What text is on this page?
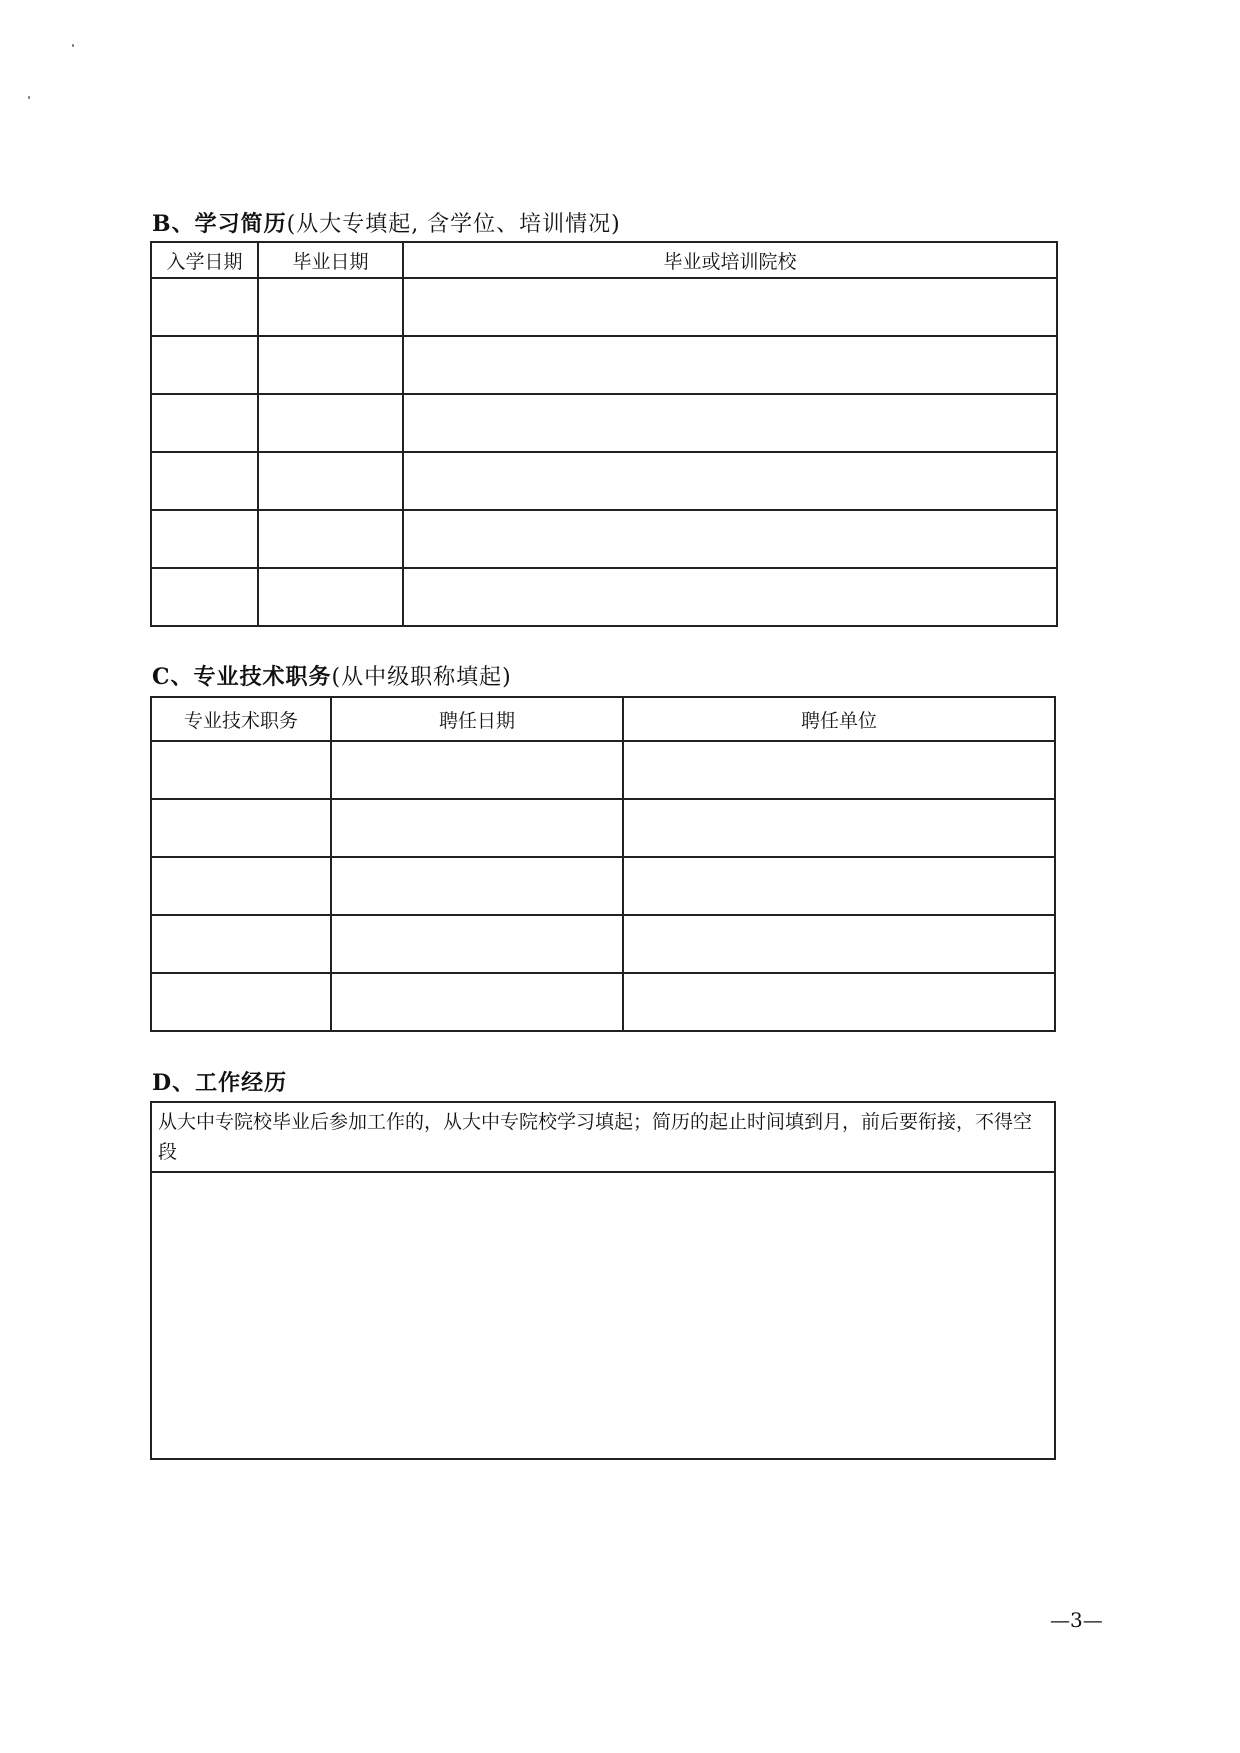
B、学习简历(从大专填起, 含学位、培训情况)
入学日期	毕业日期	毕业或培训院校

C、专业技术职务(从中级职称填起)
专业技术职务	聘任日期	聘任单位

D、工作经历
从大中专院校毕业后参加工作的，从大中专院校学习填起；简历的起止时间填到月，前后要衔接，不得空段

—3—
